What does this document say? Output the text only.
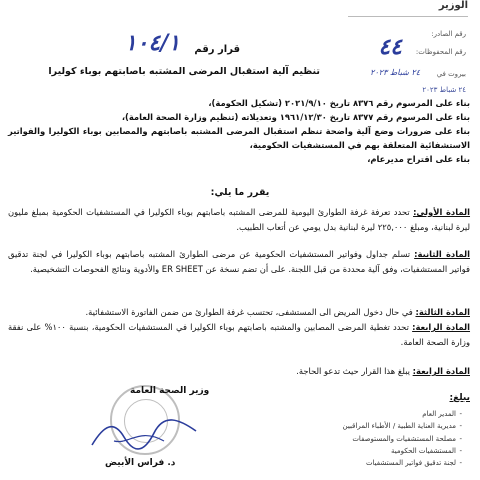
الوزير
رقم الصادر:
رقم المحفوظات:
٤٤
بيروت في
٢٤ شباط ٢٠٢٣
٢٤ شباط ٢٠٢٣
قرار رقم
١٠٤/١
تنظيم آلية استقبال المرضى المشتبه باصابتهم بوباء كوليرا

بناء على المرسوم رقم ٨٣٧٦ تاريخ ٢٠٢١/٩/١٠ (تشكيل الحكومة)،

بناء على المرسوم رقم ٨٣٧٧ تاريخ ١٩٦١/١٢/٣٠ وتعديلاته (تنظيم وزارة الصحة العامة)،

بناء على ضرورات وضع آلية واضحة تنظم استقبال المرضى المشتبه باصابتهم والمصابين بوباء الكوليرا والفواتير الاستشفائية المتعلقة بهم في المستشفيات الحكومية،

بناء على اقتراح مديرعام،

يقرر ما يلي:
المادة الأولى: تحدد تعرفة غرفة الطوارئ اليومية للمرضى المشتبه باصابتهم بوباء الكوليرا في المستشفيات الحكومية بمبلغ مليون ليرة لبنانية، ومبلغ ٢٢٥,٠٠٠ ليرة لبنانية بدل يومي عن أتعاب الطبيب.
المادة الثانية: تسلم جداول وفواتير المستشفيات الحكومية عن مرضى الطوارئ المشتبه باصابتهم بوباء الكوليرا في لجنة تدقيق فواتير المستشفيات، وفق آلية محددة من قبل اللجنة. على أن تضم نسخة عن ER SHEET والأدوية ونتائج الفحوصات التشخيصية.
المادة الثالثة: في حال دخول المريض الى المستشفى، تحتسب غرفة الطوارئ من ضمن الفاتورة الاستشفائية.
المادة الرابعة: تحدد تغطية المرضى المصابين والمشتبه باصابتهم بوباء الكوليرا في المستشفيات الحكومية، بنسبة ١٠٠% على نفقة وزارة الصحة العامة.
المادة الرابعة: يبلغ هذا القرار حيث تدعو الحاجة.
وزير الصحة العامة
د. فراس الأبيض
يبلغ:
-
المدير العام
-
مديرية العناية الطبية / الأطباء المراقبين
-
مصلحة المستشفيات والمستوصفات
-
المستشفيات الحكومية
-
لجنة تدقيق فواتير المستشفيات
